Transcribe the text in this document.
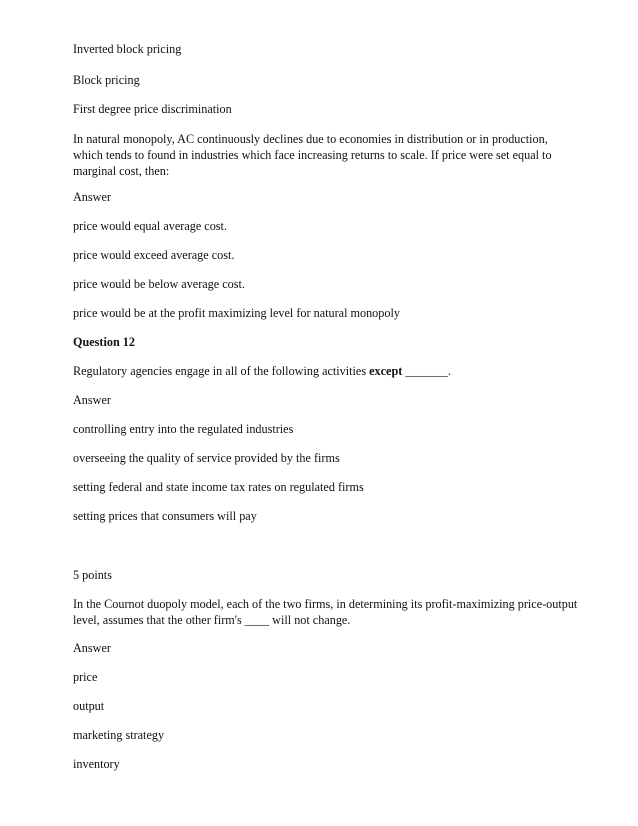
Inverted block pricing
Block pricing
First degree price discrimination
In natural monopoly, AC continuously declines due to economies in distribution or in production,
which tends to found in industries which face increasing returns to scale. If price were set equal to
marginal cost, then:
Answer
price would equal average cost.
price would exceed average cost.
price would be below average cost.
price would be at the profit maximizing level for natural monopoly
Question 12
Regulatory agencies engage in all of the following activities except _______.
Answer
controlling entry into the regulated industries
overseeing the quality of service provided by the firms
setting federal and state income tax rates on regulated firms
setting prices that consumers will pay
5 points
In the Cournot duopoly model, each of the two firms, in determining its profit-maximizing price-output
level, assumes that the other firm's ____ will not change.
Answer
price
output
marketing strategy
inventory
